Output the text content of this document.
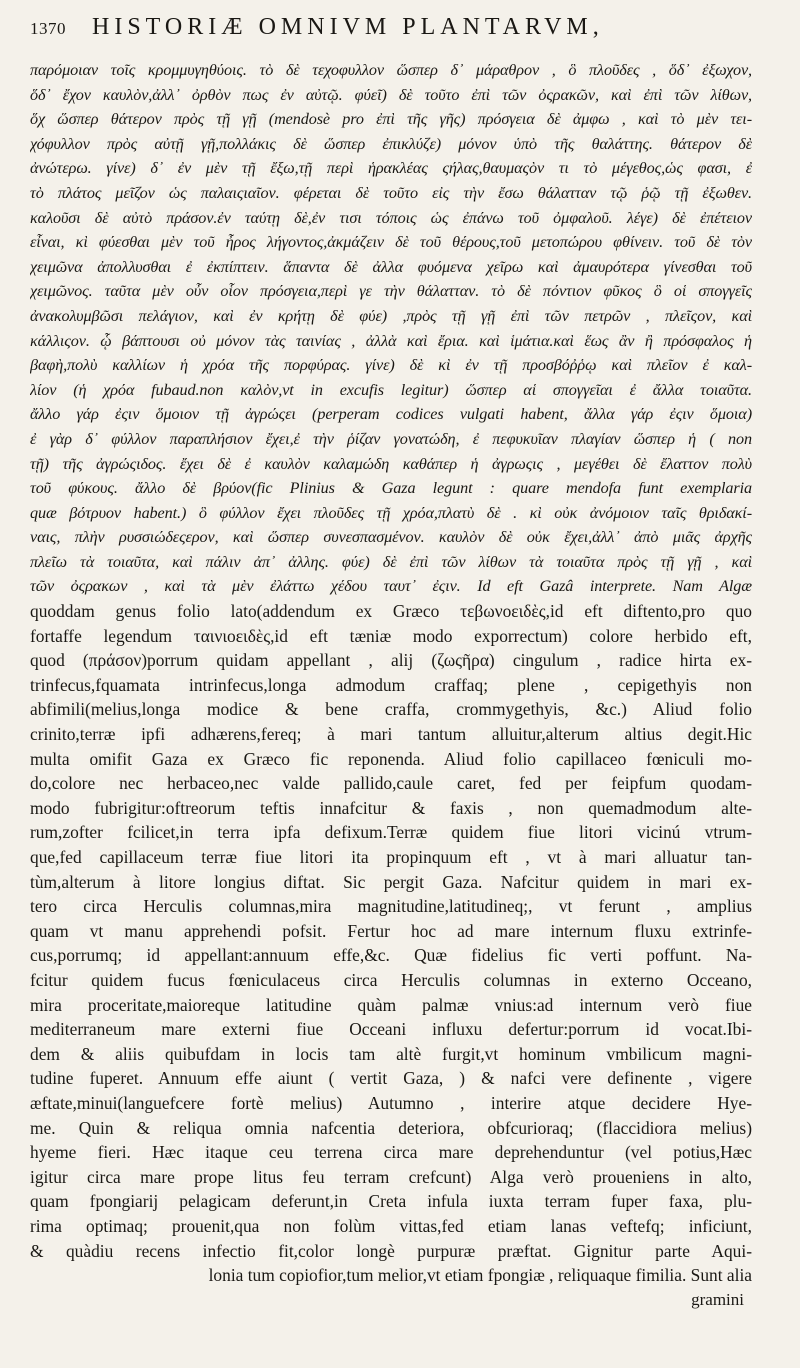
1370	HISTORIÆ OMNIVM PLANTARVM,
παρόμοιαν τοῖς κρομμυγηθύοις. τὸ δὲ τεχοφυλλον ὥσπερ δ᾽ μάραθρον , ὃ πλοῦδες , ὅδ᾽ ἐξωχον,
ὅδ᾽ ἔχον καυλὸν,ἀλλ᾽ ὀρθὸν πως ἐν αὐτῷ. φύεῖ) δὲ τοῦτο ἐπὶ τῶν ὀςρακῶν, καὶ ἐπὶ τῶν λίθων,
ὅχ ὥσπερ θάτερον πρὸς τῇ γῇ (mendosè pro ἐπὶ τῆς γῆς) πρόσγεια δὲ ἀμφω , καὶ τὸ μὲν τει-
χόφυλλον πρὸς αὐτῇ γῇ,πολλάκις δὲ ὥσπερ ἐπικλύζε) μόνον ὑπὸ τῆς θαλάττης. θάτερον δὲ
ἀνώτερω. γίνε) δ᾽ ἐν μὲν τῇ ἔξω,τῇ περὶ ἡρακλέας ςήλας,θαυμαςὸν τι τὸ μέγεθος,ὡς φασι, ἐ
τὸ πλάτος μεῖζον ὡς παλαιςιαῖον. φέρεται δὲ τοῦτο εἰς τὴν ἔσω θάλατταν τῷ ῥῷ τῇ ἐξωθεν.
καλοῦσι δὲ αὐτὸ πράσον.ἐν ταύτῃ δὲ,ἐν τισι τόποις ὡς ἐπάνω τοῦ ὀμφαλοῦ. λέγε) δὲ ἐπέτειον
εἶναι, κὶ φύεσθαι μὲν τοῦ ἦρος λήγοντος,ἀκμάζειν δὲ τοῦ θέρους,τοῦ μετοπώρου φθίνειν. τοῦ δὲ τὸν
χειμῶνα ἀπολλυσθαι ἐ ἐκπίπτειν. ἅπαντα δὲ ἀλλα φυόμενα χεῖρω καὶ ἀμαυρότερα γίνεσθαι τοῦ
χειμῶνος. ταῦτα μὲν οὖν οἷον πρόσγεια,περὶ γε τὴν θάλατταν. τὸ δὲ πόντιον φῦκος ὃ οἱ σπογγεῖς
ἀνακολυμβῶσι πελάγιον, καὶ ἐν κρήτῃ δὲ φύε) ,πρὸς τῇ γῇ ἐπὶ τῶν πετρῶν , πλεῖςον, καὶ
κάλλιςον. ᾧ βάπτουσι οὐ μόνον τὰς ταινίας , ἀλλὰ καὶ ἔρια. καὶ ἱμάτια.καὶ ἕως ἂν ἢ πρόσφαλος ἡ
βαφὴ,πολὺ καλλίων ἡ χρόα τῆς πορφύρας. γίνε) δὲ κὶ ἐν τῇ προσβόῤῥῳ καὶ πλεῖον ἐ καλ-
λίον (ἡ χρόα fubaud.non καλὸν,vt in excufis legitur) ὥσπερ αἱ σπογγεῖαι ἐ ἄλλα τοιαῦτα.
ἄλλο γάρ ἐςιν ὅμοιον τῇ ἀγρώςει (perperam codices vulgati habent, ἄλλα γάρ ἐςιν ὅμοια)
ἐ γὰρ δ᾽ φύλλον παραπλήσιον ἔχει,ἐ τὴν ῥίζαν γονατώδη, ἐ πεφυκυῖαν πλαγίαν ὥσπερ ἡ ( non
τῇ) τῆς ἀγρώςιδος. ἔχει δὲ ἐ καυλὸν καλαμώδη καθάπερ ἡ ἀγρωςις , μεγέθει δὲ ἔλαττον πολὺ
τοῦ φύκους. ἄλλο δὲ βρύον(fic Plinius & Gaza legunt : quare mendofa funt exemplaria
quæ βότρυον habent.) ὃ φύλλον ἔχει πλοῦδες τῇ χρόα,πλατὺ δὲ . κὶ οὐκ ἀνόμοιον ταῖς θριδακί-
ναις, πλὴν ρυσσιώδεςερον, καὶ ὥσπερ συνεσπασμένον. καυλὸν δὲ οὐκ ἔχει,ἀλλ᾽ ἀπὸ μιᾶς ἀρχῆς
πλεῖω τὰ τοιαῦτα, καὶ πάλιν ἀπ᾽ ἀλλης. φύε) δὲ ἐπὶ τῶν λίθων τὰ τοιαῦτα πρὸς τῇ γῇ , καὶ
τῶν ὀςρακων , καὶ τὰ μὲν ἐλάττω χέδου ταυτ᾽ ἐςιν. Id eft Gazâ interprete. Nam Algæ
quoddam genus folio lato(addendum ex Græco τεβωνοειδὲς,id eft diftento,pro quo
fortaffe legendum ταινιοειδὲς,id eft tæniæ modo exporrectum) colore herbido eft,
quod (πράσον)porrum quidam appellant , alij (ζωςῆρα) cingulum , radice hirta ex-
trinfecus,fquamata intrinfecus,longa admodum craffaq; plene , cepigethyis non
abfimili(melius,longa modice & bene craffa, crommygethyis, &c.) Aliud folio
crinito,terræ ipfi adhærens,fereq; à mari tantum alluitur,alterum altius degit.Hic
multa omifit Gaza ex Græco fic reponenda. Aliud folio capillaceo fœniculi mo-
do,colore nec herbaceo,nec valde pallido,caule caret, fed per feipfum quodam-
modo fubrigitur:oftreorum teftis innafcitur & faxis , non quemadmodum alte-
rum,zofter fcilicet,in terra ipfa defixum.Terræ quidem fiue litori vicinú vtrum-
que,fed capillaceum terræ fiue litori ita propinquum eft , vt à mari alluatur tan-
tùm,alterum à litore longius diftat. Sic pergit Gaza. Nafcitur quidem in mari ex-
tero circa Herculis columnas,mira magnitudine,latitudineq;, vt ferunt , amplius
quam vt manu apprehendi pofsit. Fertur hoc ad mare internum fluxu extrinfe-
cus,porrumq; id appellant:annuum effe,&c. Quæ fidelius fic verti poffunt. Na-
fcitur quidem fucus fœniculaceus circa Herculis columnas in externo Occeano,
mira proceritate,maioreque latitudine quàm palmæ vnius:ad internum verò fiue
mediterraneum mare externi fiue Occeani influxu defertur:porrum id vocat.Ibi-
dem & aliis quibufdam in locis tam altè furgit,vt hominum vmbilicum magni-
tudine fuperet. Annuum effe aiunt ( vertit Gaza, ) & nafci vere definente , vigere
æftate,minui(languefcere fortè melius) Autumno , interire atque decidere Hye-
me. Quin & reliqua omnia nafcentia deteriora, obfcurioraq; (flaccidiora melius)
hyeme fieri. Hæc itaque ceu terrena circa mare deprehenduntur (vel potius,Hæc
igitur circa mare prope litus feu terram crefcunt) Alga verò proueniens in alto,
quam fpongiarij pelagicam deferunt,in Creta infula iuxta terram fuper faxa, plu-
rima optimaq; prouenit,qua non folùm vittas,fed etiam lanas veftefq; inficiunt,
& quàdiu recens infectio fit,color longè purpuræ præftat. Gignitur parte Aqui-
lonia tum copiofior,tum melior,vt etiam fpongiæ , reliquaque fimilia. Sunt alia
gramini
